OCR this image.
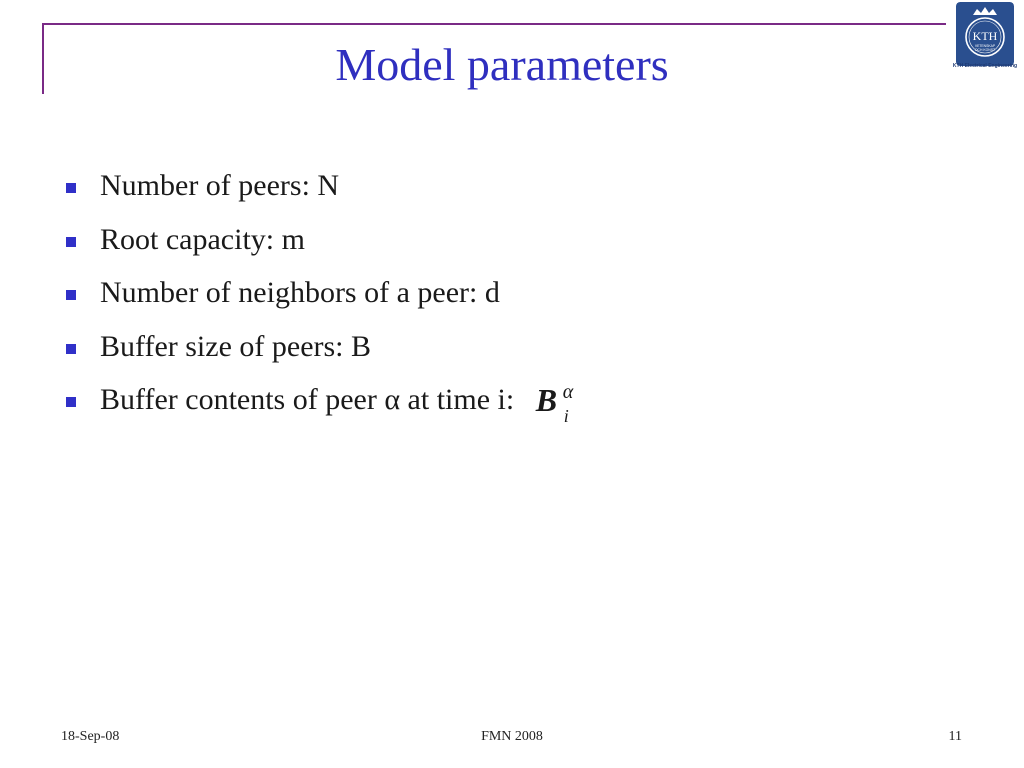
Model parameters
KTH
VETENSKAP
OCH KONST
KTH Electrical Engineering
Number of peers: N
Root capacity: m
Number of neighbors of a peer: d
Buffer size of peers: B
Buffer contents of peer α at time i: B α
i
18-Sep-08	FMN 2008	11
